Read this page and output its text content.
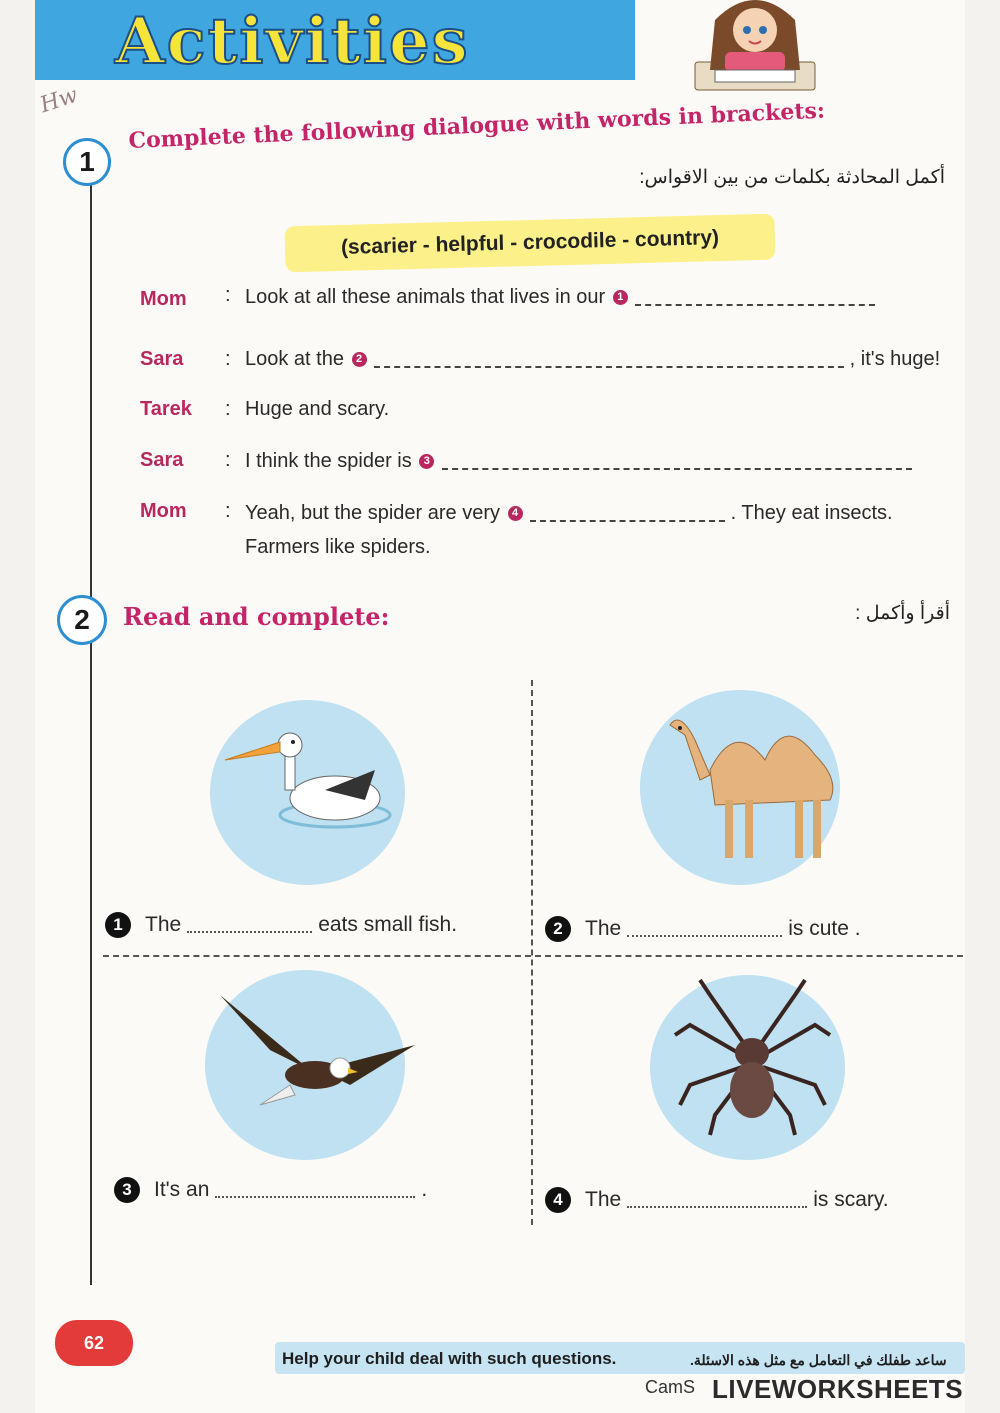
Activities
Hw
1
Complete the following dialogue with words in brackets:
أكمل المحادثة بكلمات من بين الاقواس:
(scarier - helpful - crocodile - country)
Mom : Look at all these animals that lives in our 1
Sara : Look at the 2	, it's huge!
Tarek : Huge and scary.
Sara : I think the spider is 3
Mom : Yeah, but the spider are very 4	. They eat insects.
Farmers like spiders.
2	Read and complete:	أقرأ وأكمل :
1	The	eats small fish.	2	The	is cute .
3	It's an	.	4	The	is scary.
62
Help your child deal with such questions.	ساعد طفلك في التعامل مع مثل هذه الاسئلة.
CamS LIVEWORKSHEETS
